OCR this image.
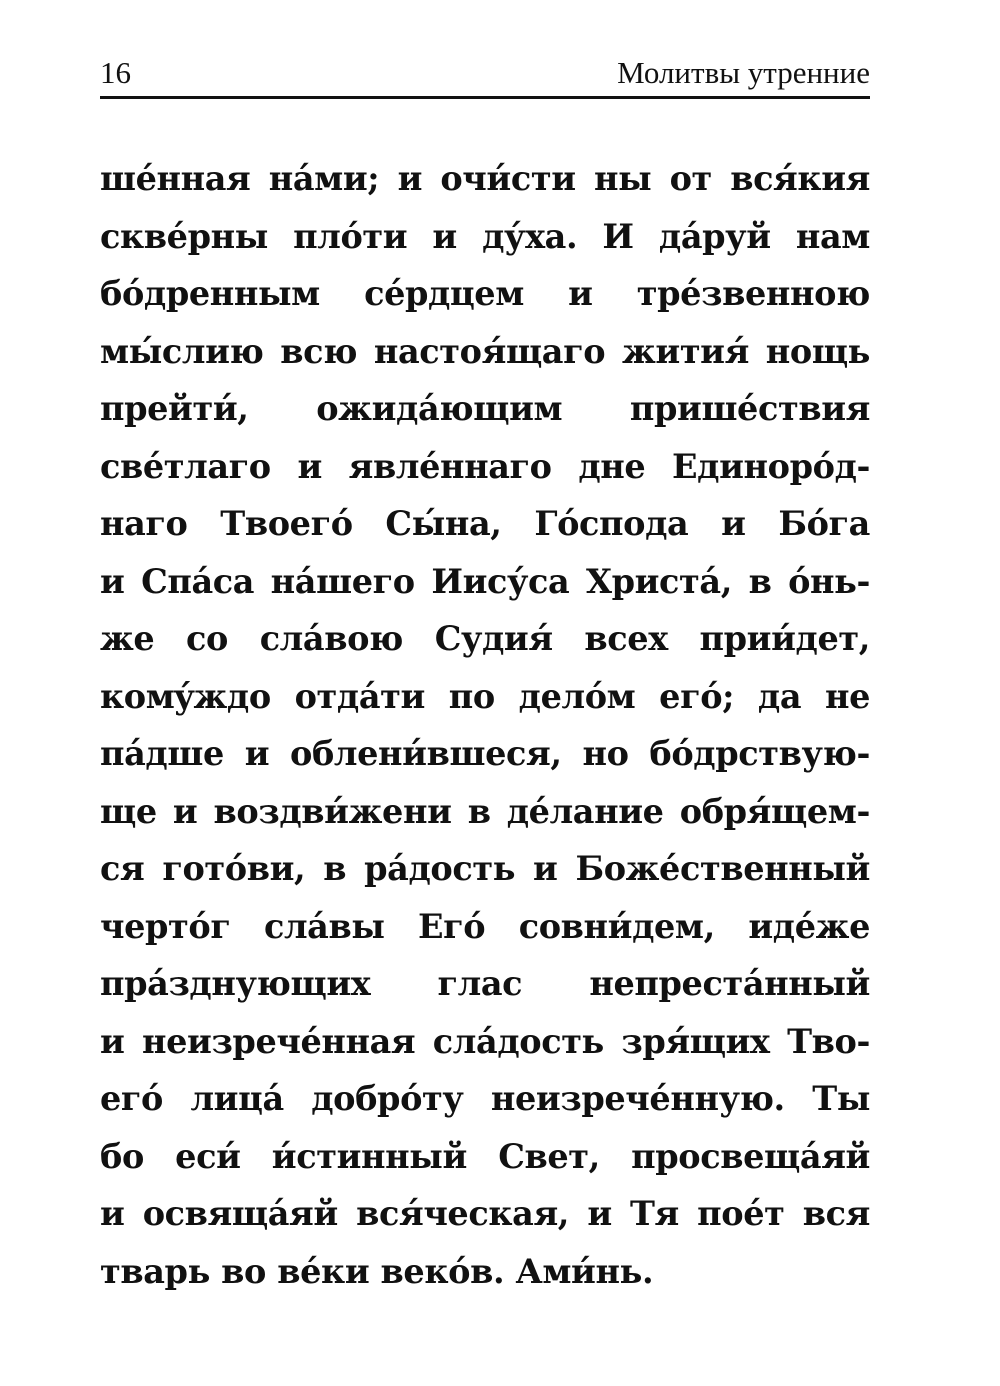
16	Молитвы утренние
ше́нная на́ми; и очи́сти ны от вся́кия
скве́рны пло́ти и ду́ха. И да́руй нам
бо́дренным се́рдцем и тре́звенною
мы́слию всю настоя́щаго жития́ нощь
прейти́, ожида́ющим прише́ствия
све́тлаго и явле́ннаго дне Единоро́д-
наго Твоего́ Сы́на, Го́спода и Бо́га
и Спа́са на́шего Иису́са Христа́, в о́нь-
же со сла́вою Судия́ всех прии́дет,
комýждо отда́ти по дело́м его́; да не
па́дше и облени́вшеся, но бо́дрствую-
ще и воздви́жени в де́лание обря́щем-
ся гото́ви, в ра́дость и Боже́ственный
черто́г сла́вы Его́ совни́дем, иде́же
пра́зднующих глас непреста́нный
и неизрече́нная сла́дость зря́щих Тво-
его́ лица́ добро́ту неизрече́нную. Ты
бо еси́ и́стинный Свет, просвеща́яй
и освяща́яй вся́ческая, и Тя пое́т вся
тварь во ве́ки веко́в. Ами́нь.
